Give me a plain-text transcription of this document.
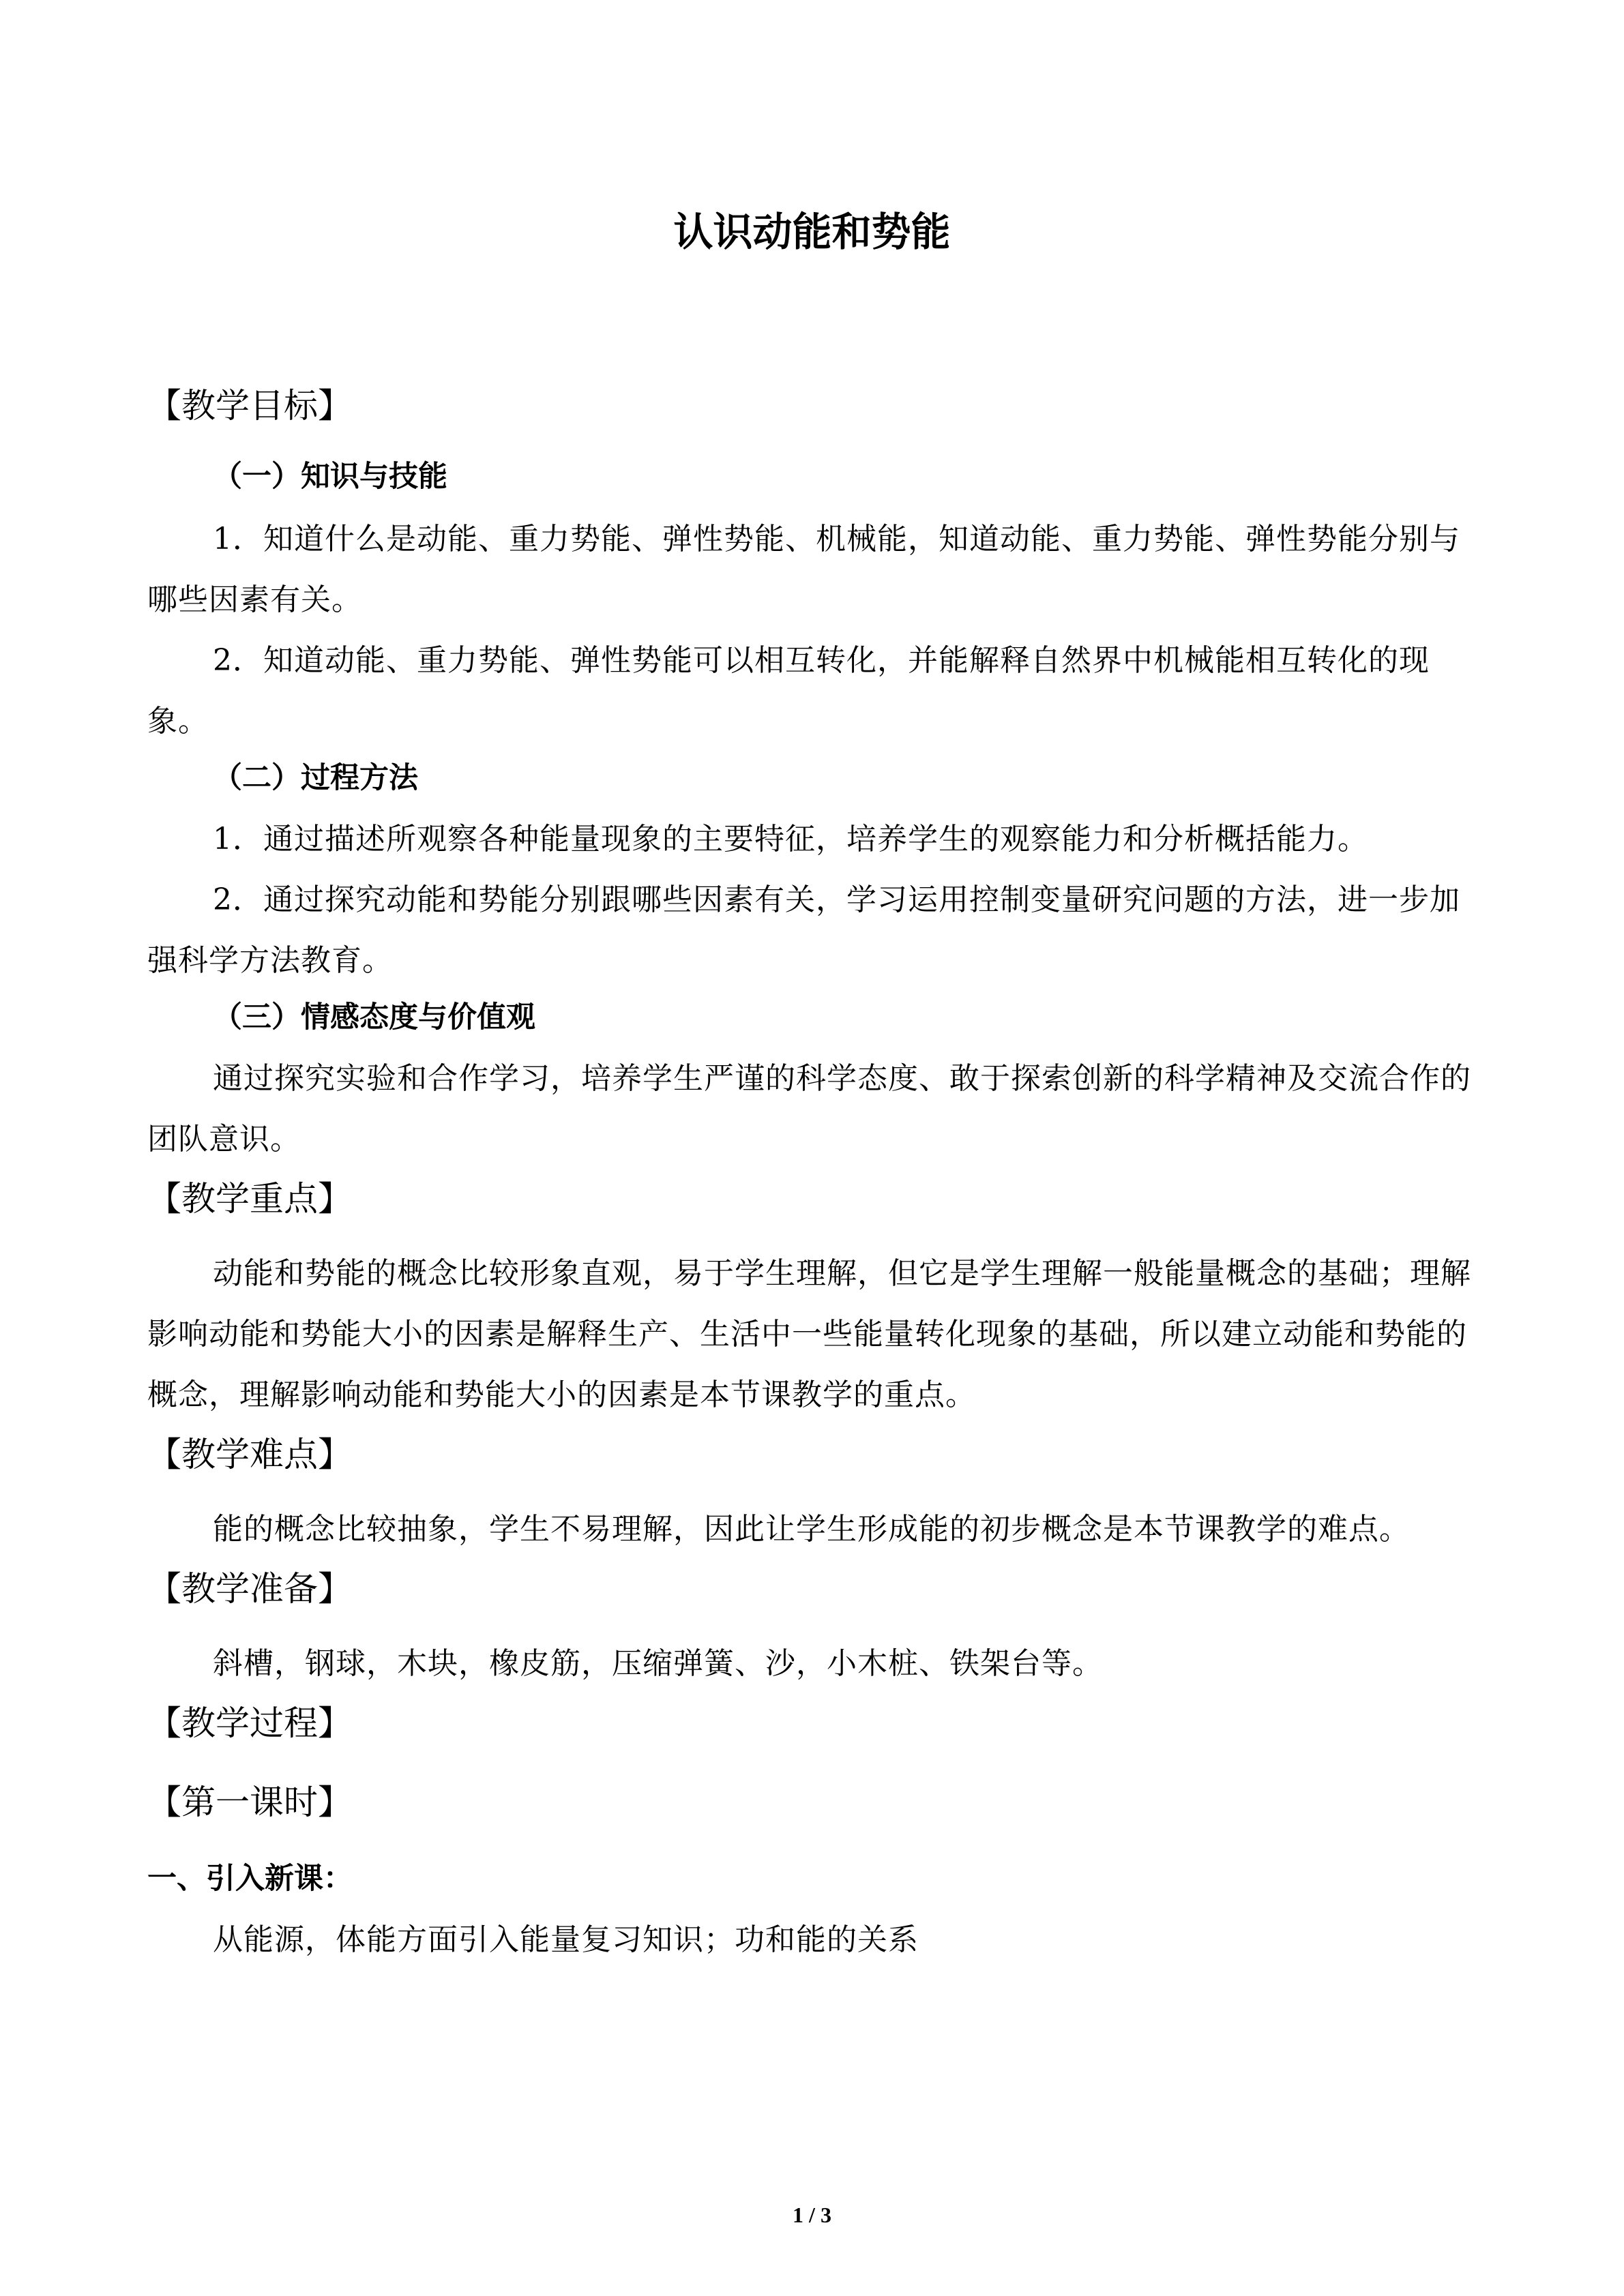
认识动能和势能

【教学目标】

（一）知识与技能

1．知道什么是动能、重力势能、弹性势能、机械能，知道动能、重力势能、弹性势能分别与哪些因素有关。

2．知道动能、重力势能、弹性势能可以相互转化，并能解释自然界中机械能相互转化的现象。

（二）过程方法

1．通过描述所观察各种能量现象的主要特征，培养学生的观察能力和分析概括能力。

2．通过探究动能和势能分别跟哪些因素有关，学习运用控制变量研究问题的方法，进一步加强科学方法教育。

（三）情感态度与价值观

通过探究实验和合作学习，培养学生严谨的科学态度、敢于探索创新的科学精神及交流合作的团队意识。

【教学重点】

动能和势能的概念比较形象直观，易于学生理解，但它是学生理解一般能量概念的基础；理解影响动能和势能大小的因素是解释生产、生活中一些能量转化现象的基础，所以建立动能和势能的概念，理解影响动能和势能大小的因素是本节课教学的重点。

【教学难点】

能的概念比较抽象，学生不易理解，因此让学生形成能的初步概念是本节课教学的难点。

【教学准备】

斜槽，钢球，木块，橡皮筋，压缩弹簧、沙，小木桩、铁架台等。

【教学过程】

【第一课时】

一、引入新课：

从能源，体能方面引入能量复习知识；功和能的关系

1 / 3
